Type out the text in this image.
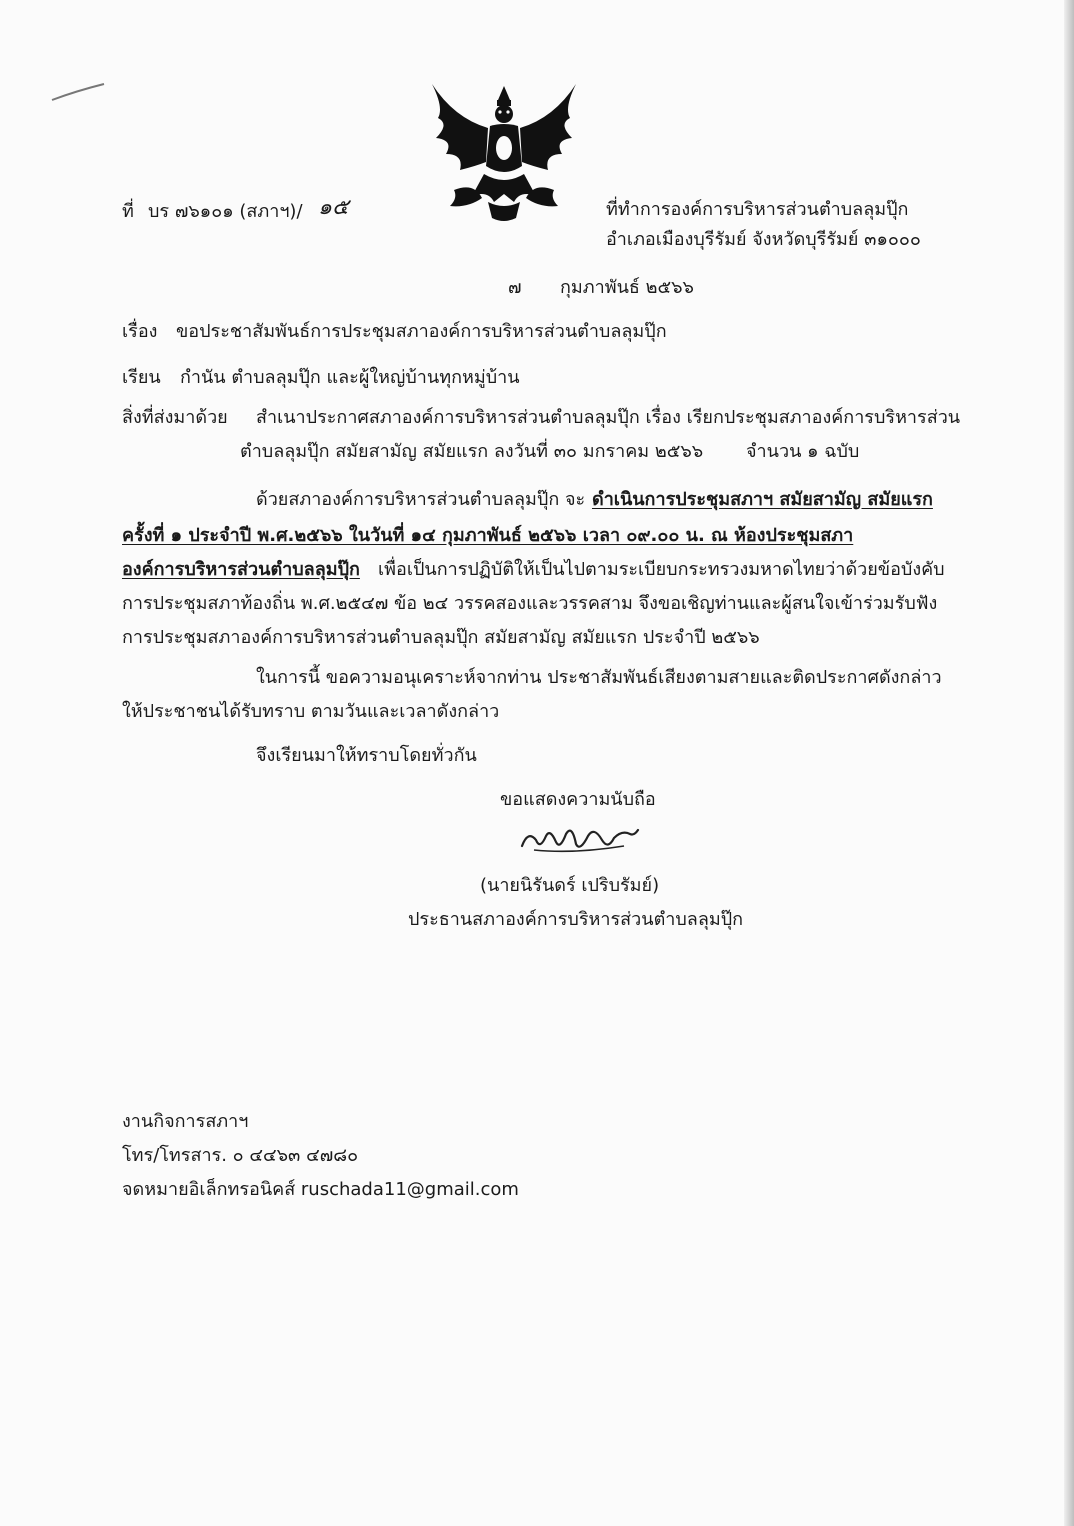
ที่ บร ๗๖๑๐๑ (สภาฯ)/ ๑๕	ที่ทำการองค์การบริหารส่วนตำบลลุมปุ๊ก
อำเภอเมืองบุรีรัมย์ จังหวัดบุรีรัมย์ ๓๑๐๐๐
๗ กุมภาพันธ์ ๒๕๖๖
เรื่อง ขอประชาสัมพันธ์การประชุมสภาองค์การบริหารส่วนตำบลลุมปุ๊ก
เรียน กำนัน ตำบลลุมปุ๊ก และผู้ใหญ่บ้านทุกหมู่บ้าน
สิ่งที่ส่งมาด้วย สำเนาประกาศสภาองค์การบริหารส่วนตำบลลุมปุ๊ก เรื่อง เรียกประชุมสภาองค์การบริหารส่วน
ตำบลลุมปุ๊ก สมัยสามัญ สมัยแรก ลงวันที่ ๓๐ มกราคม ๒๕๖๖ จำนวน ๑ ฉบับ
ด้วยสภาองค์การบริหารส่วนตำบลลุมปุ๊ก จะ ดำเนินการประชุมสภาฯ สมัยสามัญ สมัยแรก
ครั้งที่ ๑ ประจำปี พ.ศ.๒๕๖๖ ในวันที่ ๑๔ กุมภาพันธ์ ๒๕๖๖ เวลา ๐๙.๐๐ น. ณ ห้องประชุมสภา
องค์การบริหารส่วนตำบลลุมปุ๊ก เพื่อเป็นการปฏิบัติให้เป็นไปตามระเบียบกระทรวงมหาดไทยว่าด้วยข้อบังคับ
การประชุมสภาท้องถิ่น พ.ศ.๒๕๔๗ ข้อ ๒๔ วรรคสองและวรรคสาม จึงขอเชิญท่านและผู้สนใจเข้าร่วมรับฟัง
การประชุมสภาองค์การบริหารส่วนตำบลลุมปุ๊ก สมัยสามัญ สมัยแรก ประจำปี ๒๕๖๖
ในการนี้ ขอความอนุเคราะห์จากท่าน ประชาสัมพันธ์เสียงตามสายและติดประกาศดังกล่าว
ให้ประชาชนได้รับทราบ ตามวันและเวลาดังกล่าว
จึงเรียนมาให้ทราบโดยทั่วกัน
ขอแสดงความนับถือ
(นายนิรันดร์ เปริบรัมย์)
ประธานสภาองค์การบริหารส่วนตำบลลุมปุ๊ก
งานกิจการสภาฯ
โทร/โทรสาร. ๐ ๔๔๖๓ ๔๗๘๐
จดหมายอิเล็กทรอนิคส์ ruschada11@gmail.com
